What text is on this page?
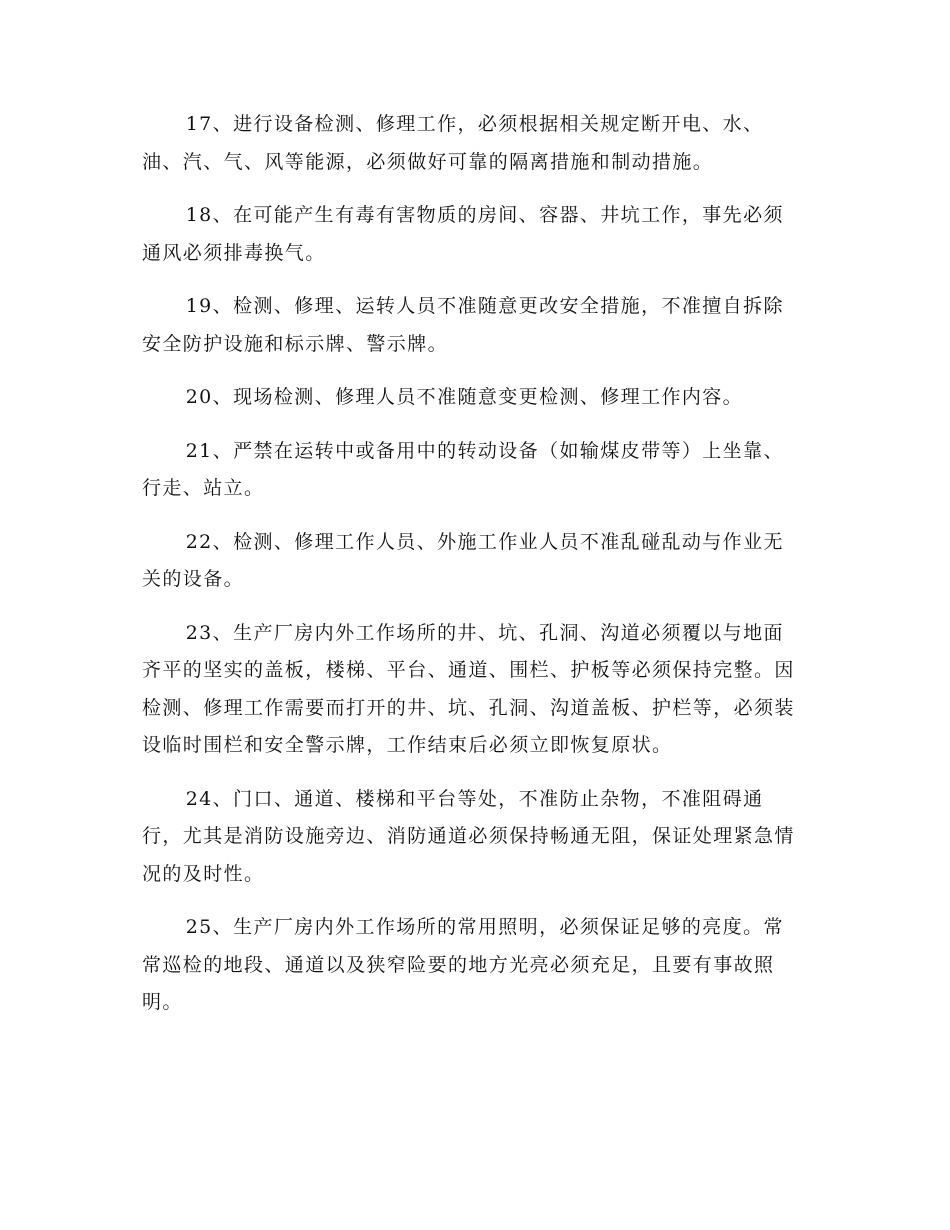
17、进行设备检测、修理工作，必须根据相关规定断开电、水、油、汽、气、风等能源，必须做好可靠的隔离措施和制动措施。

18、在可能产生有毒有害物质的房间、容器、井坑工作，事先必须通风必须排毒换气。

19、检测、修理、运转人员不准随意更改安全措施，不准擅自拆除安全防护设施和标示牌、警示牌。

20、现场检测、修理人员不准随意变更检测、修理工作内容。

21、严禁在运转中或备用中的转动设备（如输煤皮带等）上坐靠、行走、站立。

22、检测、修理工作人员、外施工作业人员不准乱碰乱动与作业无关的设备。

23、生产厂房内外工作场所的井、坑、孔洞、沟道必须覆以与地面齐平的坚实的盖板，楼梯、平台、通道、围栏、护板等必须保持完整。因检测、修理工作需要而打开的井、坑、孔洞、沟道盖板、护栏等，必须装设临时围栏和安全警示牌，工作结束后必须立即恢复原状。

24、门口、通道、楼梯和平台等处，不准防止杂物，不准阻碍通行，尤其是消防设施旁边、消防通道必须保持畅通无阻，保证处理紧急情况的及时性。

25、生产厂房内外工作场所的常用照明，必须保证足够的亮度。常常巡检的地段、通道以及狭窄险要的地方光亮必须充足，且要有事故照明。
